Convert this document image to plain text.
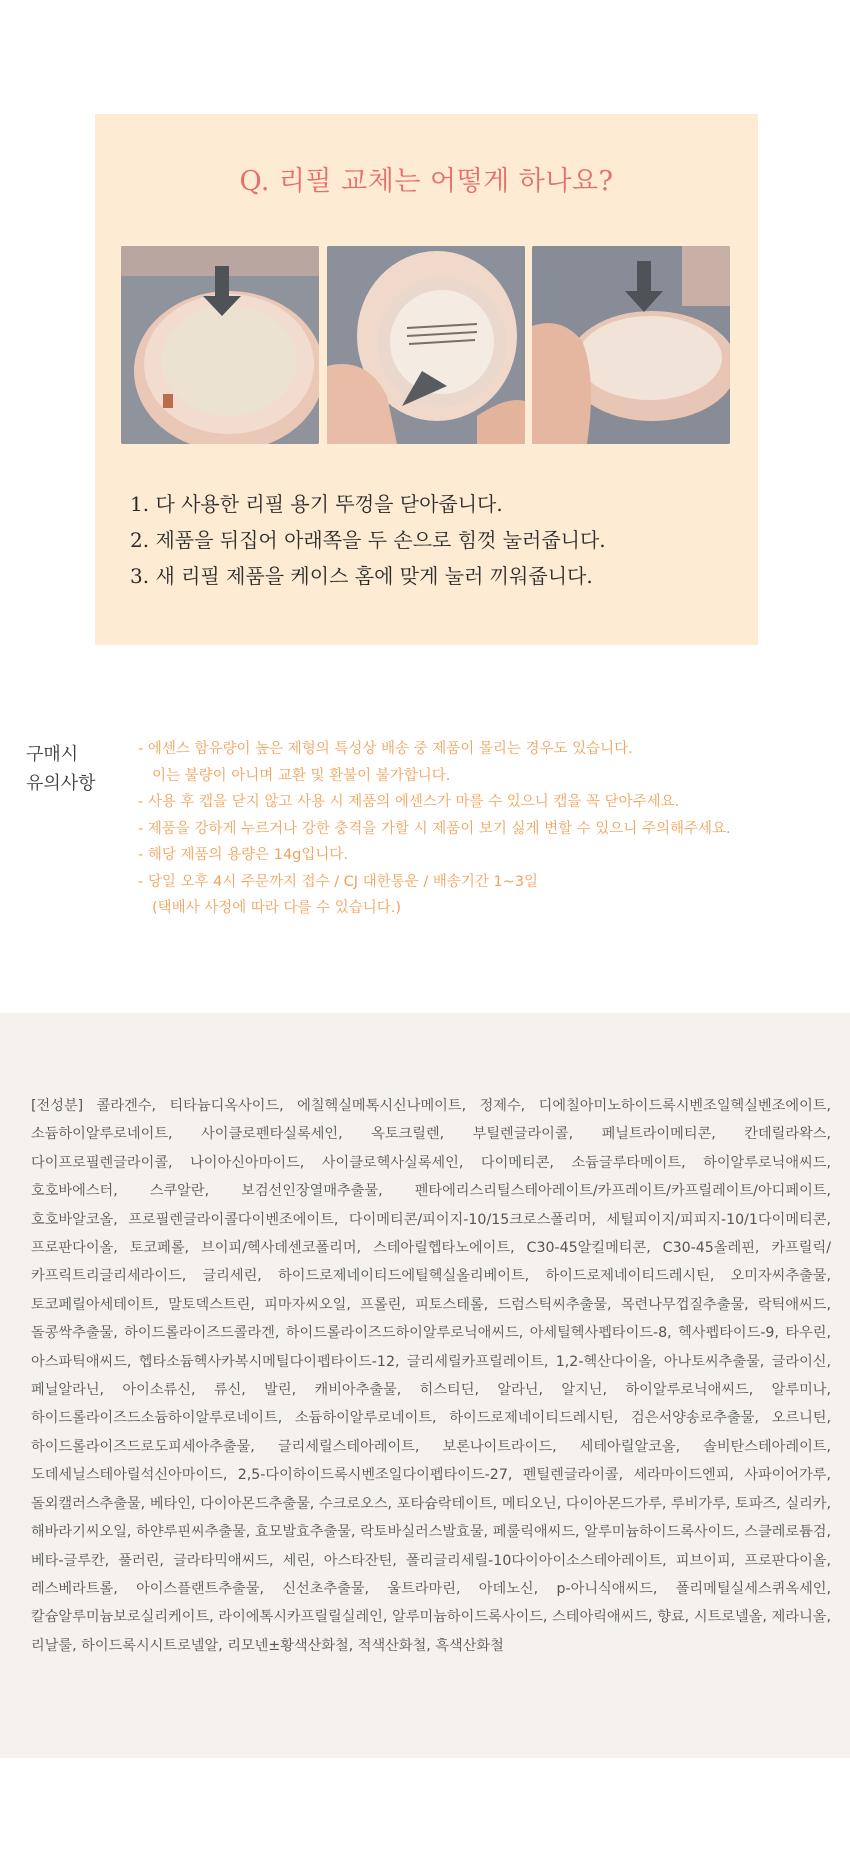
Q. 리필 교체는 어떻게 하나요?
1. 다 사용한 리필 용기 뚜껑을 닫아줍니다.
2. 제품을 뒤집어 아래쪽을 두 손으로 힘껏 눌러줍니다.
3. 새 리필 제품을 케이스 홈에 맞게 눌러 끼워줍니다.
구매시
유의사항
- 에센스 함유량이 높은 제형의 특성상 배송 중 제품이 몰리는 경우도 있습니다.
이는 불량이 아니며 교환 및 환불이 불가합니다.
- 사용 후 캡을 닫지 않고 사용 시 제품의 에센스가 마를 수 있으니 캡을 꼭 닫아주세요.
- 제품을 강하게 누르거나 강한 충격을 가할 시 제품이 보기 싫게 변할 수 있으니 주의해주세요.
- 해당 제품의 용량은 14g입니다.
- 당일 오후 4시 주문까지 접수 / CJ 대한통운 / 배송기간 1~3일
(택배사 사정에 따라 다를 수 있습니다.)
[전성분] 콜라겐수, 티타늄디옥사이드, 에칠헥실메톡시신나메이트, 정제수, 디에칠아미노하이드록시벤조일헥실벤조에이트, 소듐하이알루로네이트, 사이클로펜타실록세인, 옥토크릴렌, 부틸렌글라이콜, 페닐트라이메티콘, 칸데릴라왁스, 다이프로필렌글라이콜, 나이아신아마이드, 사이클로헥사실록세인, 다이메티콘, 소듐글루타메이트, 하이알루로닉애씨드, 호호바에스터, 스쿠알란, 보검선인장열매추출물, 펜타에리스리틸스테아레이트/카프레이트/카프릴레이트/아디페이트, 호호바알코올, 프로필렌글라이콜다이벤조에이트, 다이메티콘/피이지-10/15크로스폴리머, 세틸피이지/피피지-10/1다이메티콘, 프로판다이올, 토코페롤, 브이피/헥사데센코폴리머, 스테아릴헵타노에이트, C30-45알킬메티콘, C30-45올레핀, 카프릴릭/카프릭트리글리세라이드, 글리세린, 하이드로제네이티드에틸헥실올리베이트, 하이드로제네이티드레시틴, 오미자씨추출물, 토코페릴아세테이트, 말토덱스트린, 피마자씨오일, 프롤린, 피토스테롤, 드럼스틱씨추출물, 목련나무껍질추출물, 락틱애씨드, 돌콩싹추출물, 하이드롤라이즈드콜라겐, 하이드롤라이즈드하이알루로닉애씨드, 아세틸헥사펩타이드-8, 헥사펩타이드-9, 타우린, 아스파틱애씨드, 헵타소듐헥사카복시메틸다이펩타이드-12, 글리세릴카프릴레이트, 1,2-헥산다이올, 아나토씨추출물, 글라이신, 페닐알라닌, 아이소류신, 류신, 발린, 캐비아추출물, 히스티딘, 알라닌, 알지닌, 하이알루로닉애씨드, 알루미나, 하이드롤라이즈드소듐하이알루로네이트, 소듐하이알루로네이트, 하이드로제네이티드레시틴, 검은서양송로추출물, 오르니틴, 하이드롤라이즈드로도피세아추출물, 글리세릴스테아레이트, 보론나이트라이드, 세테아릴알코올, 솔비탄스테아레이트, 도데세닐스테아릴석신아마이드, 2,5-다이하이드록시벤조일다이펩타이드-27, 펜틸렌글라이콜, 세라마이드엔피, 사파이어가루, 돌외캘러스추출물, 베타인, 다이아몬드추출물, 수크로오스, 포타슘락테이트, 메티오닌, 다이아몬드가루, 루비가루, 토파즈, 실리카, 해바라기씨오일, 하얀루핀씨추출물, 효모발효추출물, 락토바실러스발효물, 페룰릭애씨드, 알루미늄하이드록사이드, 스클레로튬검, 베타-글루칸, 풀러린, 글라타믹애씨드, 세린, 아스타잔틴, 폴리글리세릴-10다이아이소스테아레이트, 피브이피, 프로판다이올, 레스베라트롤, 아이스플랜트추출물, 신선초추출물, 울트라마린, 아데노신, p-아니식애씨드, 폴리메틸실세스퀴옥세인, 칼슘알루미늄보로실리케이트, 라이에톡시카프릴릴실레인, 알루미늄하이드록사이드, 스테아릭애씨드, 향료, 시트로넬올, 제라니올, 리날룰, 하이드록시시트로넬알, 리모넨±황색산화철, 적색산화철, 흑색산화철
